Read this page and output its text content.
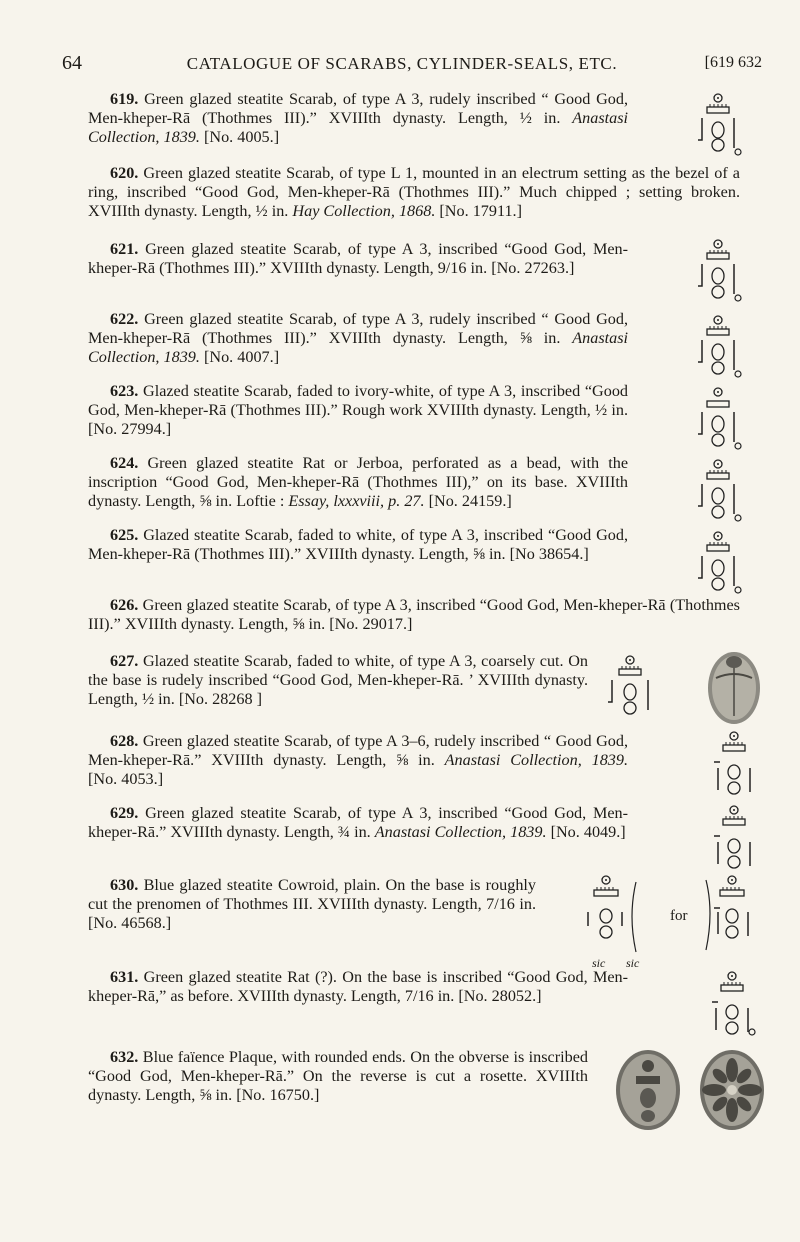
64	CATALOGUE OF SCARABS, CYLINDER-SEALS, ETC.	[619 632
619. Green glazed steatite Scarab, of type A 3, rudely inscribed “ Good God, Men-kheper-Rā (Thothmes III).” XVIIIth dynasty. Length, ½ in. Anastasi Collection, 1839. [No. 4005.]
620. Green glazed steatite Scarab, of type L 1, mounted in an electrum setting as the bezel of a ring, inscribed “Good God, Men-kheper-Rā (Thothmes III).” Much chipped ; setting broken. XVIIIth dynasty. Length, ½ in. Hay Collection, 1868. [No. 17911.]
621. Green glazed steatite Scarab, of type A 3, inscribed “Good God, Men-kheper-Rā (Thothmes III).” XVIIIth dynasty. Length, 9/16 in. [No. 27263.]
622. Green glazed steatite Scarab, of type A 3, rudely inscribed “ Good God, Men-kheper-Rā (Thothmes III).” XVIIIth dynasty. Length, ⅝ in. Anastasi Collection, 1839. [No. 4007.]
623. Glazed steatite Scarab, faded to ivory-white, of type A 3, inscribed “Good God, Men-kheper-Rā (Thothmes III).” Rough work XVIIIth dynasty. Length, ½ in. [No. 27994.]
624. Green glazed steatite Rat or Jerboa, perforated as a bead, with the inscription “Good God, Men-kheper-Rā (Thothmes III),” on its base. XVIIIth dynasty. Length, ⅝ in. Loftie : Essay, lxxxviii, p. 27. [No. 24159.]
625. Glazed steatite Scarab, faded to white, of type A 3, inscribed “Good God, Men-kheper-Rā (Thothmes III).” XVIIIth dynasty. Length, ⅝ in. [No 38654.]
626. Green glazed steatite Scarab, of type A 3, inscribed “Good God, Men-kheper-Rā (Thothmes III).” XVIIIth dynasty. Length, ⅝ in. [No. 29017.]
627. Glazed steatite Scarab, faded to white, of type A 3, coarsely cut. On the base is rudely inscribed “Good God, Men-kheper-Rā. ’ XVIIIth dynasty. Length, ½ in. [No. 28268 ]
628. Green glazed steatite Scarab, of type A 3–6, rudely inscribed “ Good God, Men-kheper-Rā.” XVIIIth dynasty. Length, ⅝ in. Anastasi Collection, 1839. [No. 4053.]
629. Green glazed steatite Scarab, of type A 3, inscribed “Good God, Men-kheper-Rā.” XVIIIth dynasty. Length, ¾ in. Anastasi Collection, 1839. [No. 4049.]
630. Blue glazed steatite Cowroid, plain. On the base is roughly cut the prenomen of Thothmes III. XVIIIth dynasty. Length, 7/16 in. [No. 46568.]
631. Green glazed steatite Rat (?). On the base is inscribed “Good God, Men-kheper-Rā,” as before. XVIIIth dynasty. Length, 7/16 in. [No. 28052.]
632. Blue faïence Plaque, with rounded ends. On the obverse is inscribed “Good God, Men-kheper-Rā.” On the reverse is cut a rosette. XVIIIth dynasty. Length, ⅝ in. [No. 16750.]
sic sic
for
